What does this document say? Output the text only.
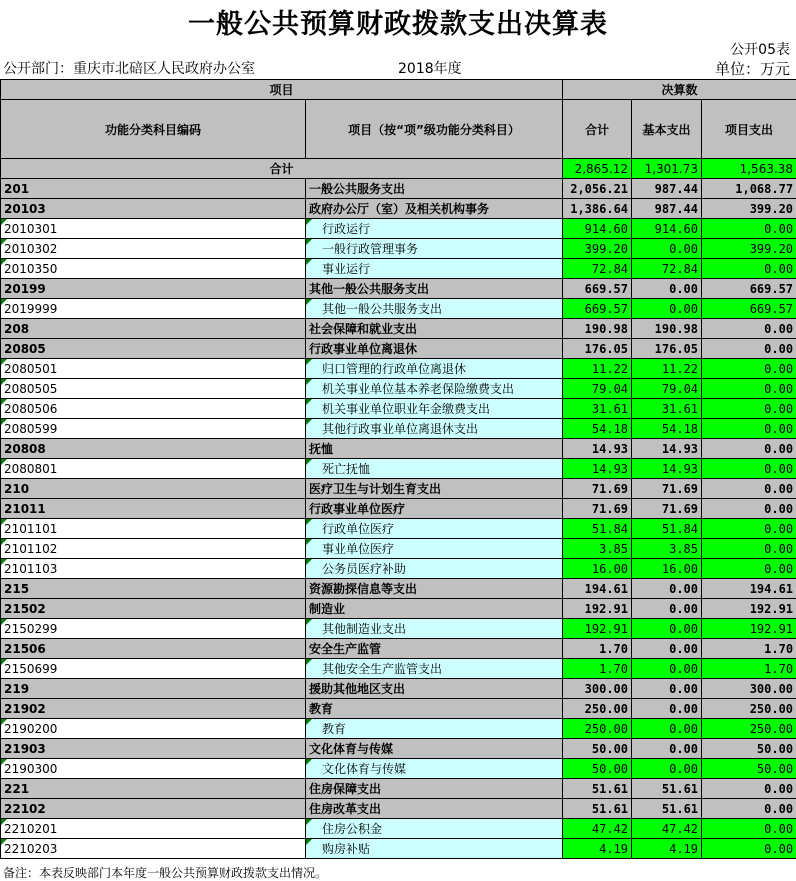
一般公共预算财政拨款支出决算表
公开05表
公开部门：重庆市北碚区人民政府办公室	2018年度	单位：万元
项目		决算数		
功能分类科目编码	项目（按“项”级功能分类科目）	合计	基本支出	项目支出
合计		2,865.12	1,301.73	1,563.38
201	一般公共服务支出	2,056.21	987.44	1,068.77
20103	政府办公厅（室）及相关机构事务	1,386.64	987.44	399.20
2010301	行政运行	914.60	914.60	0.00
2010302	一般行政管理事务	399.20	0.00	399.20
2010350	事业运行	72.84	72.84	0.00
20199	其他一般公共服务支出	669.57	0.00	669.57
2019999	其他一般公共服务支出	669.57	0.00	669.57
208	社会保障和就业支出	190.98	190.98	0.00
20805	行政事业单位离退休	176.05	176.05	0.00
2080501	归口管理的行政单位离退休	11.22	11.22	0.00
2080505	机关事业单位基本养老保险缴费支出	79.04	79.04	0.00
2080506	机关事业单位职业年金缴费支出	31.61	31.61	0.00
2080599	其他行政事业单位离退休支出	54.18	54.18	0.00
20808	抚恤	14.93	14.93	0.00
2080801	死亡抚恤	14.93	14.93	0.00
210	医疗卫生与计划生育支出	71.69	71.69	0.00
21011	行政事业单位医疗	71.69	71.69	0.00
2101101	行政单位医疗	51.84	51.84	0.00
2101102	事业单位医疗	3.85	3.85	0.00
2101103	公务员医疗补助	16.00	16.00	0.00
215	资源勘探信息等支出	194.61	0.00	194.61
21502	制造业	192.91	0.00	192.91
2150299	其他制造业支出	192.91	0.00	192.91
21506	安全生产监管	1.70	0.00	1.70
2150699	其他安全生产监管支出	1.70	0.00	1.70
219	援助其他地区支出	300.00	0.00	300.00
21902	教育	250.00	0.00	250.00
2190200	教育	250.00	0.00	250.00
21903	文化体育与传媒	50.00	0.00	50.00
2190300	文化体育与传媒	50.00	0.00	50.00
221	住房保障支出	51.61	51.61	0.00
22102	住房改革支出	51.61	51.61	0.00
2210201	住房公积金	47.42	47.42	0.00
2210203	购房补贴	4.19	4.19	0.00
备注：本表反映部门本年度一般公共预算财政拨款支出情况。
